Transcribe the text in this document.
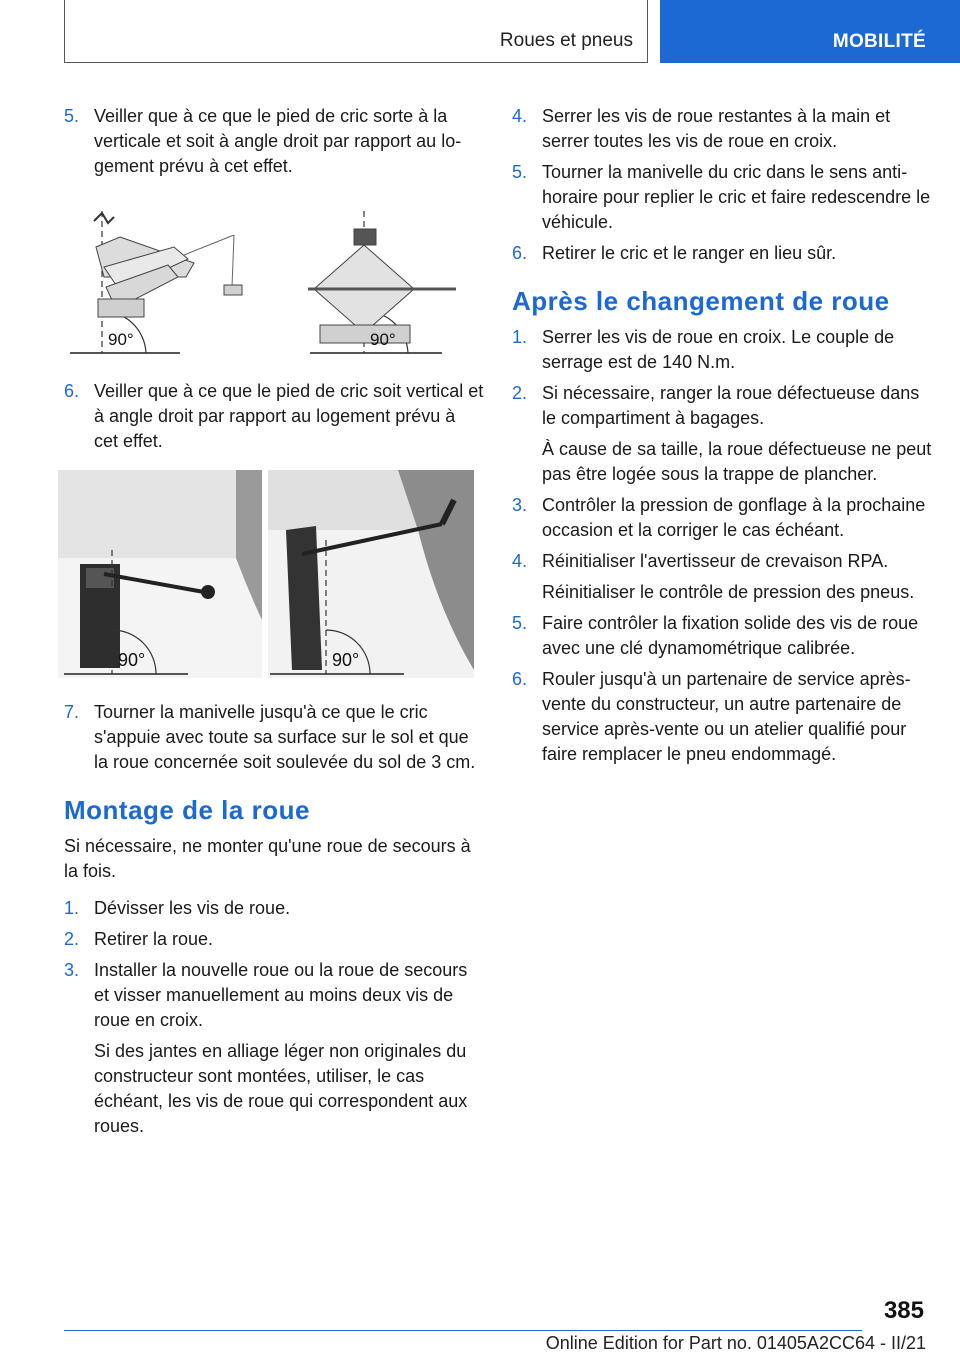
Roues et pneus	MOBILITÉ
5. Veiller que à ce que le pied de cric sorte à la verticale et soit à angle droit par rapport au logement prévu à cet effet.
90°	90°
6. Veiller que à ce que le pied de cric soit vertical et à angle droit par rapport au logement prévu à cet effet.
90°	90°
7. Tourner la manivelle jusqu'à ce que le cric s'appuie avec toute sa surface sur le sol et que la roue concernée soit soulevée du sol de 3 cm.
Montage de la roue
Si nécessaire, ne monter qu'une roue de secours à la fois.
1. Dévisser les vis de roue.
2. Retirer la roue.
3. Installer la nouvelle roue ou la roue de secours et visser manuellement au moins deux vis de roue en croix.
Si des jantes en alliage léger non originales du constructeur sont montées, utiliser, le cas échéant, les vis de roue qui correspondent aux roues.
4. Serrer les vis de roue restantes à la main et serrer toutes les vis de roue en croix.
5. Tourner la manivelle du cric dans le sens antihoraire pour replier le cric et faire redescendre le véhicule.
6. Retirer le cric et le ranger en lieu sûr.
Après le changement de roue
1. Serrer les vis de roue en croix. Le couple de serrage est de 140 N.m.
2. Si nécessaire, ranger la roue défectueuse dans le compartiment à bagages.
À cause de sa taille, la roue défectueuse ne peut pas être logée sous la trappe de plancher.
3. Contrôler la pression de gonflage à la prochaine occasion et la corriger le cas échéant.
4. Réinitialiser l'avertisseur de crevaison RPA.
Réinitialiser le contrôle de pression des pneus.
5. Faire contrôler la fixation solide des vis de roue avec une clé dynamométrique calibrée.
6. Rouler jusqu'à un partenaire de service après-vente du constructeur, un autre partenaire de service après-vente ou un atelier qualifié pour faire remplacer le pneu endommagé.
385
Online Edition for Part no. 01405A2CC64 - II/21
